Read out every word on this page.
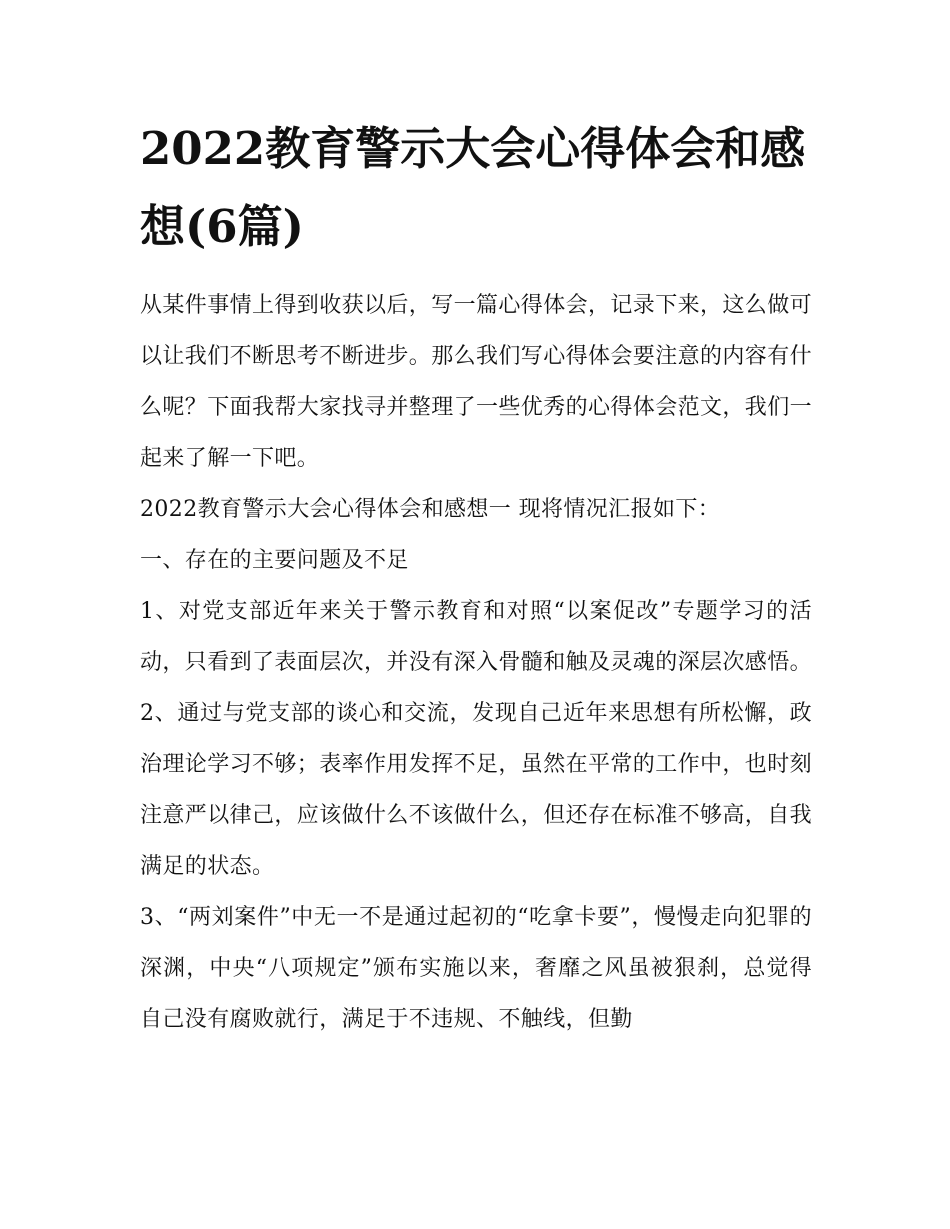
2022教育警示大会心得体会和感想(6篇)

从某件事情上得到收获以后，写一篇心得体会，记录下来，这么做可以让我们不断思考不断进步。那么我们写心得体会要注意的内容有什么呢？下面我帮大家找寻并整理了一些优秀的心得体会范文，我们一起来了解一下吧。

2022教育警示大会心得体会和感想一 现将情况汇报如下：

一、存在的主要问题及不足

1、对党支部近年来关于警示教育和对照“以案促改”专题学习的活动，只看到了表面层次，并没有深入骨髓和触及灵魂的深层次感悟。

2、通过与党支部的谈心和交流，发现自己近年来思想有所松懈，政治理论学习不够；表率作用发挥不足，虽然在平常的工作中，也时刻注意严以律己，应该做什么不该做什么，但还存在标准不够高，自我满足的状态。

3、“两刘案件”中无一不是通过起初的“吃拿卡要”，慢慢走向犯罪的深渊，中央“八项规定”颁布实施以来，奢靡之风虽被狠刹，总觉得自己没有腐败就行，满足于不违规、不触线，但勤
